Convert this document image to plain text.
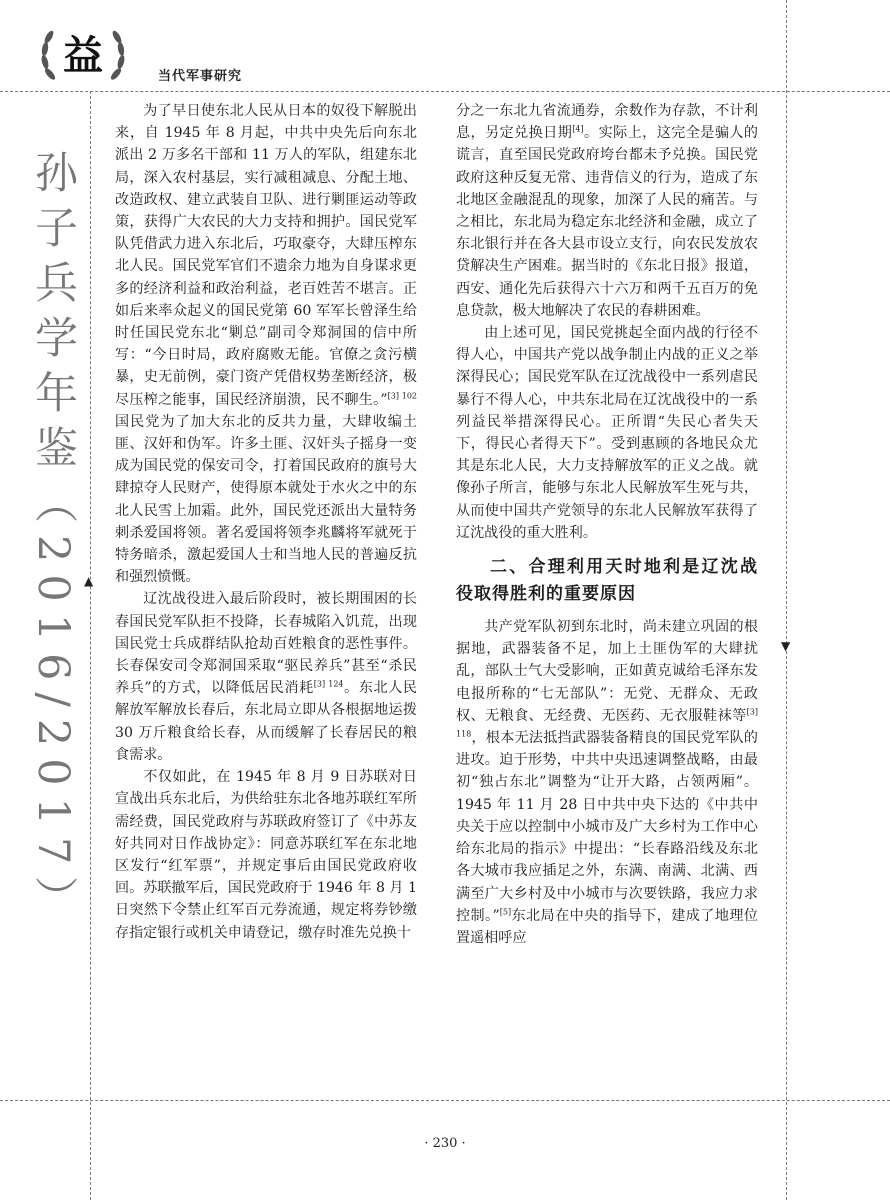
益	当代军事研究
孙子兵学年鉴（2016/2017） ▲
▼

为了早日使东北人民从日本的奴役下解脱出来，自 1945 年 8 月起，中共中央先后向东北派出 2 万多名干部和 11 万人的军队，组建东北局，深入农村基层，实行减租减息、分配土地、改造政权、建立武装自卫队、进行剿匪运动等政策，获得广大农民的大力支持和拥护。国民党军队凭借武力进入东北后，巧取豪夺，大肆压榨东北人民。国民党军官们不遗余力地为自身谋求更多的经济利益和政治利益，老百姓苦不堪言。正如后来率众起义的国民党第 60 军军长曾泽生给时任国民党东北“剿总”副司令郑洞国的信中所写：“今日时局，政府腐败无能。官僚之贪污横暴，史无前例，豪门资产凭借权势垄断经济，极尽压榨之能事，国民经济崩溃，民不聊生。”$^{[3] 102}$国民党为了加大东北的反共力量，大肆收编土匪、汉奸和伪军。许多土匪、汉奸头子摇身一变成为国民党的保安司令，打着国民政府的旗号大肆掠夺人民财产，使得原本就处于水火之中的东北人民雪上加霜。此外，国民党还派出大量特务刺杀爱国将领。著名爱国将领李兆麟将军就死于特务暗杀，激起爱国人士和当地人民的普遍反抗和强烈愤慨。

辽沈战役进入最后阶段时，被长期围困的长春国民党军队拒不投降，长春城陷入饥荒，出现国民党士兵成群结队抢劫百姓粮食的恶性事件。长春保安司令郑洞国采取“驱民养兵”甚至“杀民养兵”的方式，以降低居民消耗$^{[3] 124}$。东北人民解放军解放长春后，东北局立即从各根据地运拨 30 万斤粮食给长春，从而缓解了长春居民的粮食需求。

不仅如此，在 1945 年 8 月 9 日苏联对日宣战出兵东北后，为供给驻东北各地苏联红军所需经费，国民党政府与苏联政府签订了《中苏友好共同对日作战协定》：同意苏联红军在东北地区发行“红军票”，并规定事后由国民党政府收回。苏联撤军后，国民党政府于 1946 年 8 月 1 日突然下令禁止红军百元券流通，规定将券钞缴存指定银行或机关申请登记，缴存时准先兑换十

分之一东北九省流通券，余数作为存款，不计利息，另定兑换日期[4]。实际上，这完全是骗人的谎言，直至国民党政府垮台都未予兑换。国民党政府这种反复无常、违背信义的行为，造成了东北地区金融混乱的现象，加深了人民的痛苦。与之相比，东北局为稳定东北经济和金融，成立了东北银行并在各大县市设立支行，向农民发放农贷解决生产困难。据当时的《东北日报》报道，西安、通化先后获得六十六万和两千五百万的免息贷款，极大地解决了农民的春耕困难。

由上述可见，国民党挑起全面内战的行径不得人心，中国共产党以战争制止内战的正义之举深得民心；国民党军队在辽沈战役中一系列虐民暴行不得人心，中共东北局在辽沈战役中的一系列益民举措深得民心。正所谓“失民心者失天下，得民心者得天下”。受到惠顾的各地民众尤其是东北人民，大力支持解放军的正义之战。就像孙子所言，能够与东北人民解放军生死与共，从而使中国共产党领导的东北人民解放军获得了辽沈战役的重大胜利。

二、合理利用天时地利是辽沈战役取得胜利的重要原因

共产党军队初到东北时，尚未建立巩固的根据地，武器装备不足，加上土匪伪军的大肆扰乱，部队士气大受影响，正如黄克诚给毛泽东发电报所称的“七无部队”：无党、无群众、无政权、无粮食、无经费、无医药、无衣服鞋袜等$^{[3] 118}$，根本无法抵挡武器装备精良的国民党军队的进攻。迫于形势，中共中央迅速调整战略，由最初“独占东北”调整为“让开大路，占领两厢”。1945 年 11 月 28 日中共中央下达的《中共中央关于应以控制中小城市及广大乡村为工作中心给东北局的指示》中提出：“长春路沿线及东北各大城市我应插足之外，东满、南满、北满、西满至广大乡村及中小城市与次要铁路，我应力求控制。”[5]东北局在中央的指导下，建成了地理位置遥相呼应

· 230 ·
